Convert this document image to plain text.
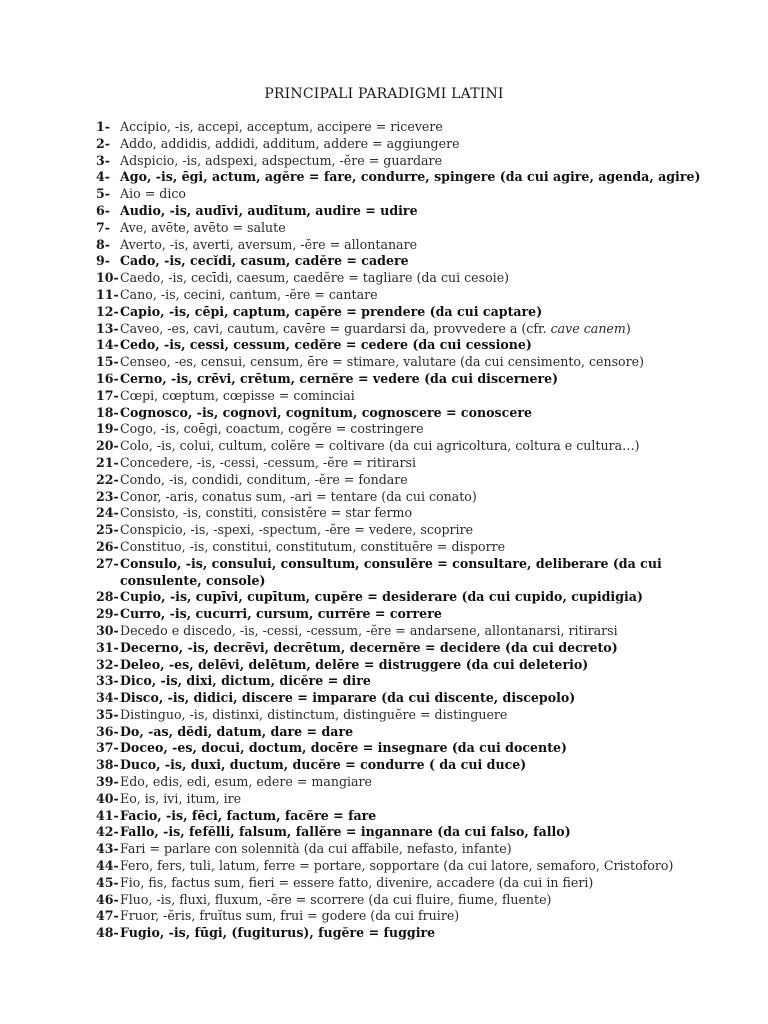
PRINCIPALI PARADIGMI LATINI
1- Accipio, -is, accepi, acceptum, accipere = ricevere
2- Addo, addidis, addidi, additum, addere = aggiungere
3- Adspicio, -is, adspexi, adspectum, -ĕre = guardare
4- Ago, -is, ēgi, actum, agĕre = fare, condurre, spingere (da cui agire, agenda, agire)
5- Aio = dico
6- Audio, -is, audīvi, audītum, audire = udire
7- Ave, avēte, avēto = salute
8- Averto, -is, averti, aversum, -ĕre = allontanare
9- Cado, -is, cecĭdi, casum, cadĕre = cadere
10- Caedo, -is, cecīdi, caesum, caedĕre = tagliare (da cui cesoie)
11- Cano, -is, cecini, cantum, -ĕre = cantare
12- Capio, -is, cēpi, captum, capĕre = prendere (da cui captare)
13- Caveo, -es, cavi, cautum, cavēre = guardarsi da, provvedere a (cfr. cave canem)
14- Cedo, -is, cessi, cessum, cedĕre = cedere (da cui cessione)
15- Censeo, -es, censui, censum, ēre = stimare, valutare (da cui censimento, censore)
16- Cerno, -is, crēvi, crētum, cernĕre = vedere (da cui discernere)
17- Cœpi, cœptum, cœpisse = cominciai
18- Cognosco, -is, cognovi, cognitum, cognoscere = conoscere
19- Cogo, -is, coēgi, coactum, cogĕre = costringere
20- Colo, -is, colui, cultum, colĕre = coltivare (da cui agricoltura, coltura e cultura…)
21- Concedere, -is, -cessi, -cessum, -ĕre = ritirarsi
22- Condo, -is, condidi, conditum, -ĕre = fondare
23- Conor, -aris, conatus sum, -ari = tentare (da cui conato)
24- Consisto, -is, constiti, consistĕre = star fermo
25- Conspicio, -is, -spexi, -spectum, -ĕre = vedere, scoprire
26- Constituo, -is, constitui, constitutum, constituĕre = disporre
27- Consulo, -is, consului, consultum, consulĕre = consultare, deliberare (da cui consulente, console)
28- Cupio, -is, cupīvi, cupītum, cupĕre = desiderare (da cui cupido, cupidigia)
29- Curro, -is, cucurri, cursum, currĕre = correre
30- Decedo e discedo, -is, -cessi, -cessum, -ĕre = andarsene, allontanarsi, ritirarsi
31- Decerno, -is, decrēvi, decrētum, decernĕre = decidere (da cui decreto)
32- Deleo, -es, delēvi, delētum, delēre = distruggere (da cui deleterio)
33- Dico, -is, dixi, dictum, dicĕre = dire
34- Disco, -is, didici, discere = imparare (da cui discente, discepolo)
35- Distinguo, -is, distinxi, distinctum, distinguĕre = distinguere
36- Do, -as, dĕdi, datum, dare = dare
37- Doceo, -es, docui, doctum, docēre = insegnare (da cui docente)
38- Duco, -is, duxi, ductum, ducĕre = condurre ( da cui duce)
39- Edo, edis, edi, esum, edere = mangiare
40- Eo, is, ivi, itum, ire
41- Facio, -is, fēci, factum, facĕre = fare
42- Fallo, -is, fefĕlli, falsum, fallĕre = ingannare (da cui falso, fallo)
43- Fari = parlare con solennità (da cui affabile, nefasto, infante)
44- Fero, fers, tuli, latum, ferre = portare, sopportare (da cui latore, semaforo, Cristoforo)
45- Fio, fis, factus sum, fieri = essere fatto, divenire, accadere (da cui in fieri)
46- Fluo, -is, fluxi, fluxum, -ĕre = scorrere (da cui fluire, fiume, fluente)
47- Fruor, -ĕris, fruĭtus sum, frui = godere (da cui fruire)
48- Fugio, -is, fūgi, (fugiturus), fugĕre = fuggire
